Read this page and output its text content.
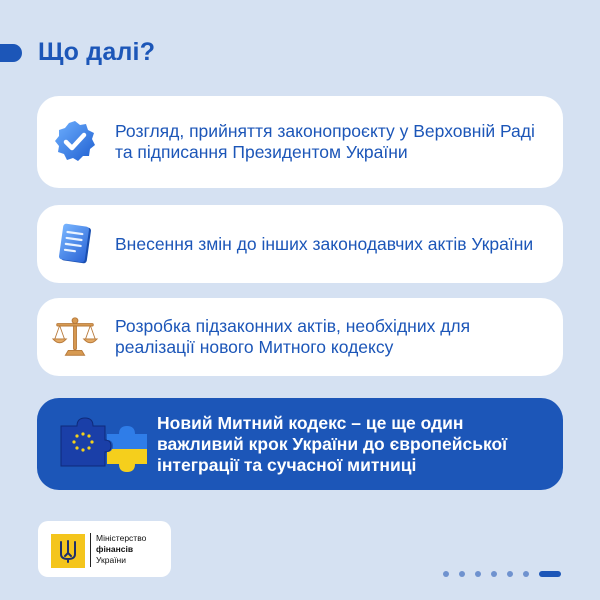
Що далі?
Розгляд, прийняття законопроєкту у Верховній Раді та підписання Президентом України
Внесення змін до інших законодавчих актів України
Розробка підзаконних актів, необхідних для реалізації нового Митного кодексу
Новий Митний кодекс – це ще один важливий крок України до європейської інтеграції та сучасної митниці
Міністерство
фінансів
України
